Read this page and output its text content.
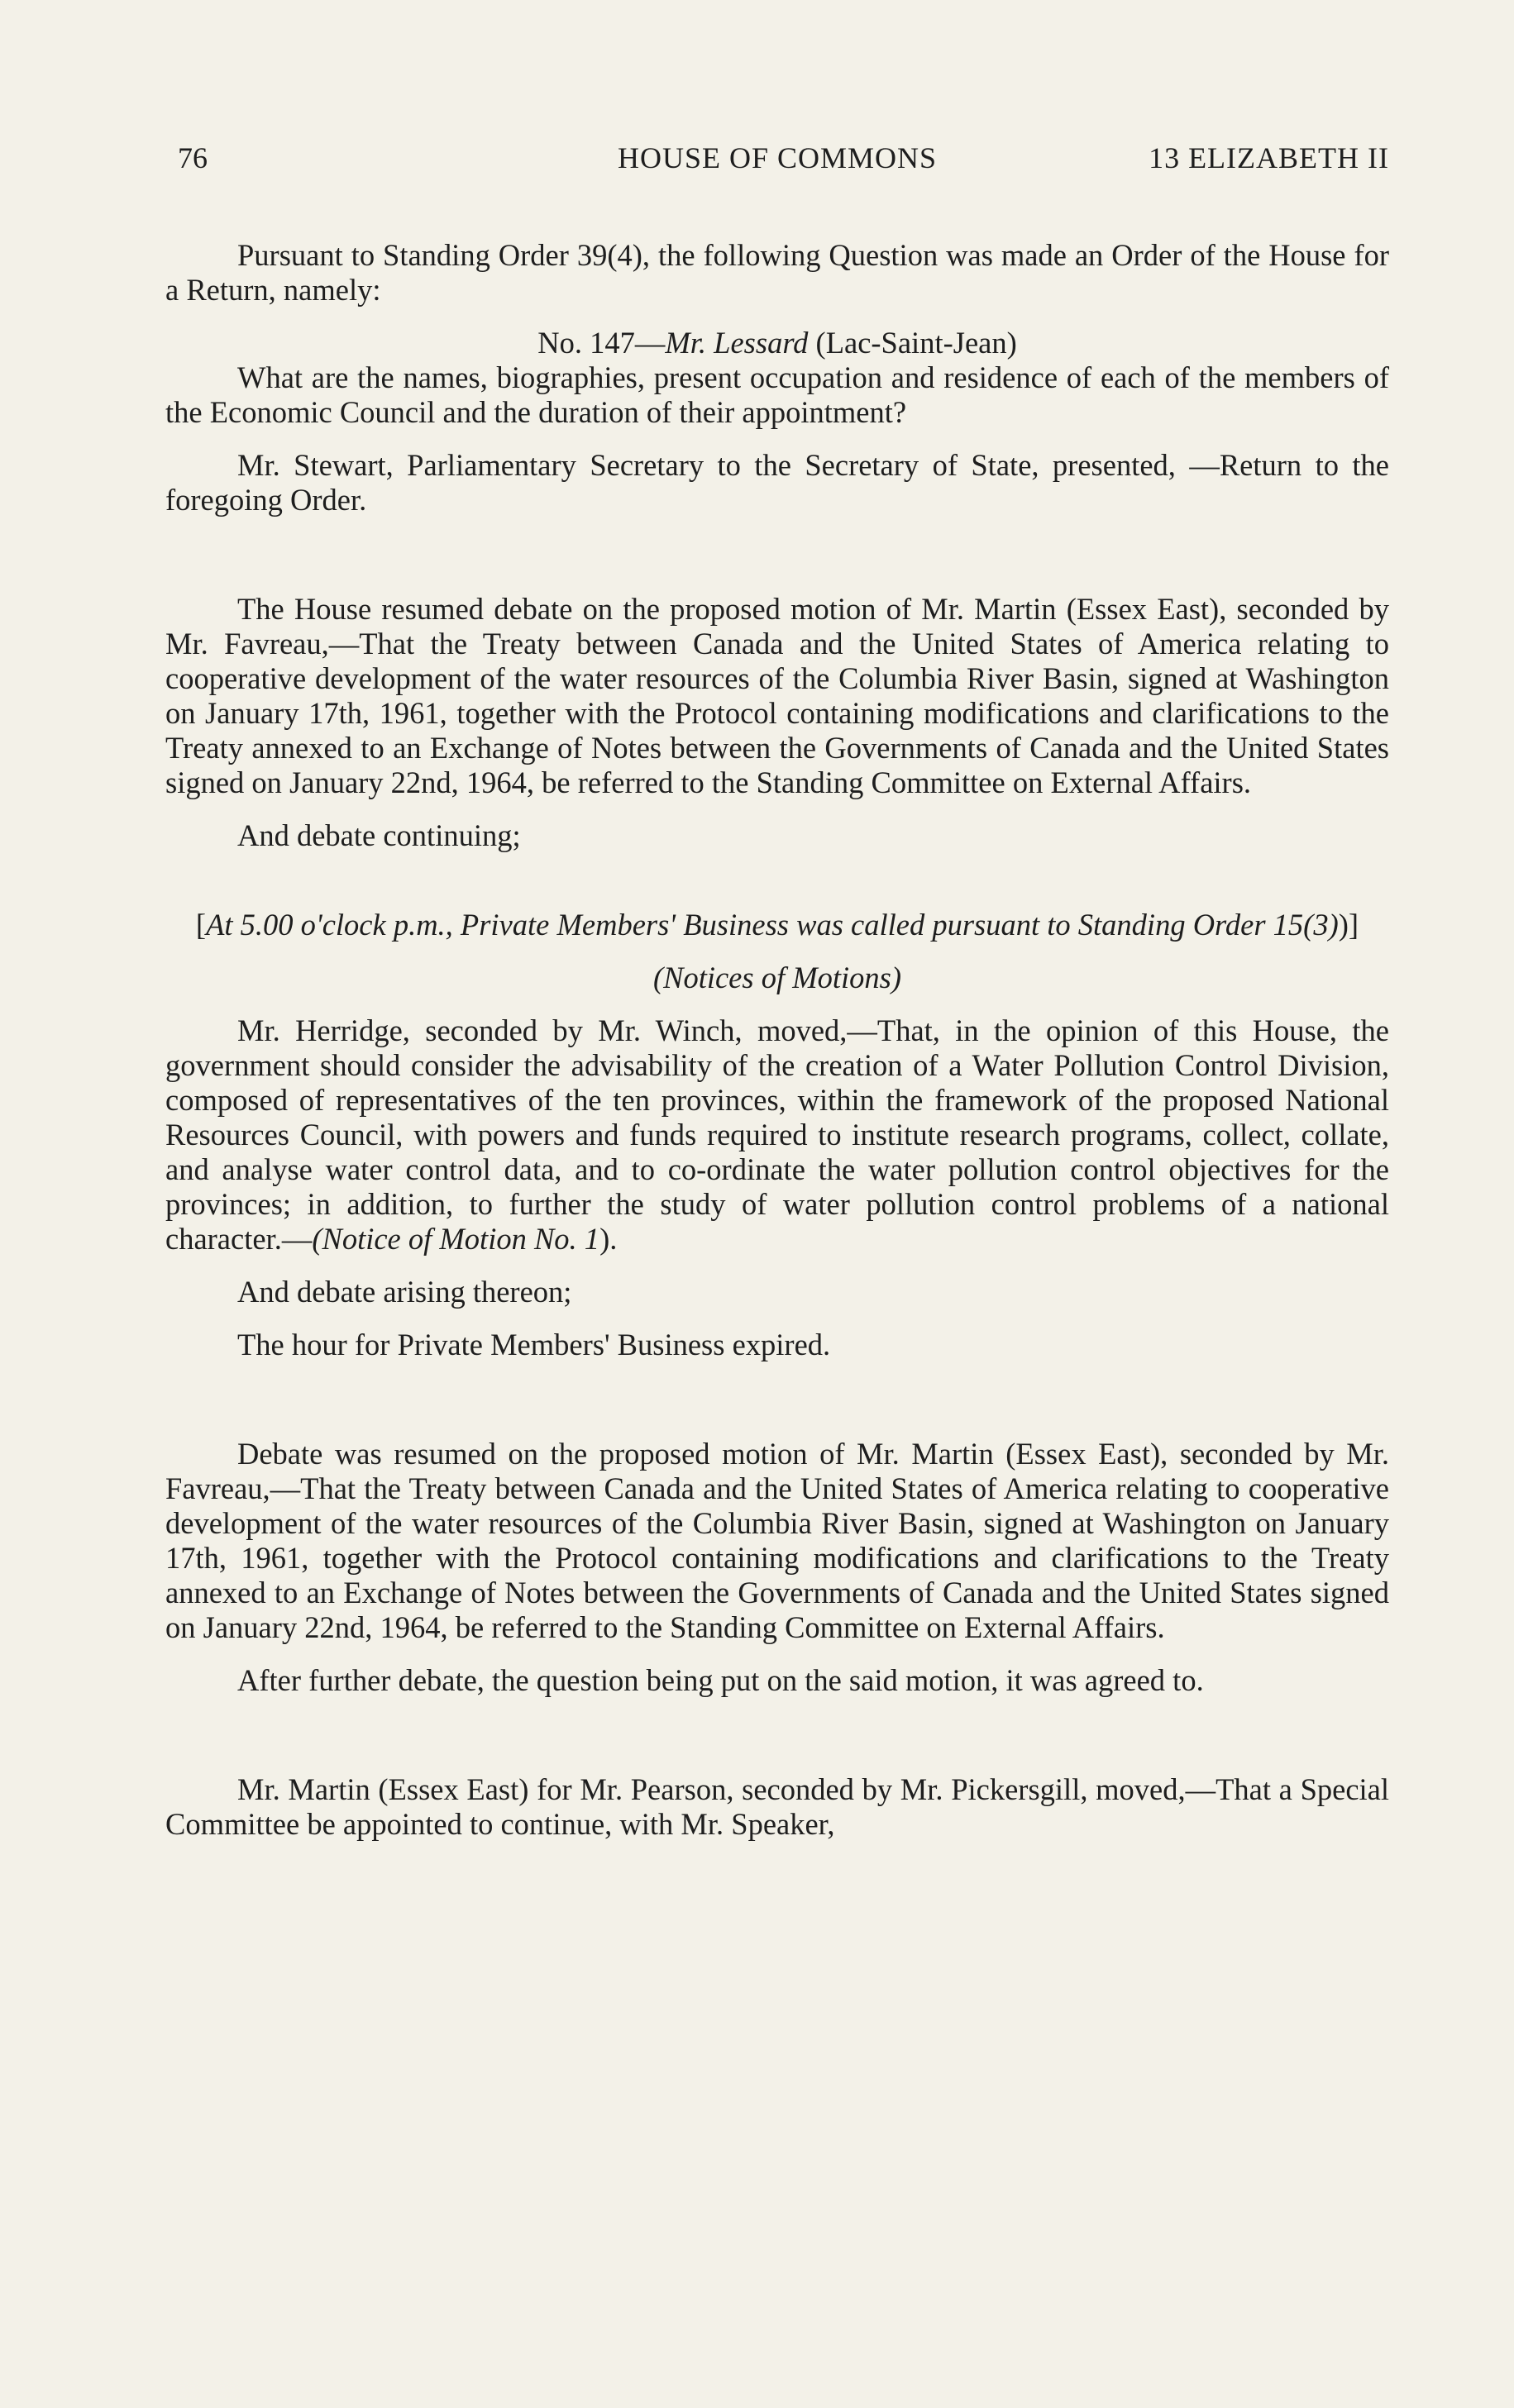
76	HOUSE OF COMMONS	13 ELIZABETH II

Pursuant to Standing Order 39(4), the following Question was made an Order of the House for a Return, namely:

No. 147—Mr. Lessard (Lac-Saint-Jean)

What are the names, biographies, present occupation and residence of each of the members of the Economic Council and the duration of their appointment?

Mr. Stewart, Parliamentary Secretary to the Secretary of State, presented, —Return to the foregoing Order.

The House resumed debate on the proposed motion of Mr. Martin (Essex East), seconded by Mr. Favreau,—That the Treaty between Canada and the United States of America relating to cooperative development of the water resources of the Columbia River Basin, signed at Washington on January 17th, 1961, together with the Protocol containing modifications and clarifications to the Treaty annexed to an Exchange of Notes between the Governments of Canada and the United States signed on January 22nd, 1964, be referred to the Standing Committee on External Affairs.

And debate continuing;

[At 5.00 o'clock p.m., Private Members' Business was called pursuant to Standing Order 15(3))]

(Notices of Motions)

Mr. Herridge, seconded by Mr. Winch, moved,—That, in the opinion of this House, the government should consider the advisability of the creation of a Water Pollution Control Division, composed of representatives of the ten provinces, within the framework of the proposed National Resources Council, with powers and funds required to institute research programs, collect, collate, and analyse water control data, and to co-ordinate the water pollution control objectives for the provinces; in addition, to further the study of water pollution control problems of a national character.—(Notice of Motion No. 1).

And debate arising thereon;

The hour for Private Members' Business expired.

Debate was resumed on the proposed motion of Mr. Martin (Essex East), seconded by Mr. Favreau,—That the Treaty between Canada and the United States of America relating to cooperative development of the water resources of the Columbia River Basin, signed at Washington on January 17th, 1961, together with the Protocol containing modifications and clarifications to the Treaty annexed to an Exchange of Notes between the Governments of Canada and the United States signed on January 22nd, 1964, be referred to the Standing Committee on External Affairs.

After further debate, the question being put on the said motion, it was agreed to.

Mr. Martin (Essex East) for Mr. Pearson, seconded by Mr. Pickersgill, moved,—That a Special Committee be appointed to continue, with Mr. Speaker,
